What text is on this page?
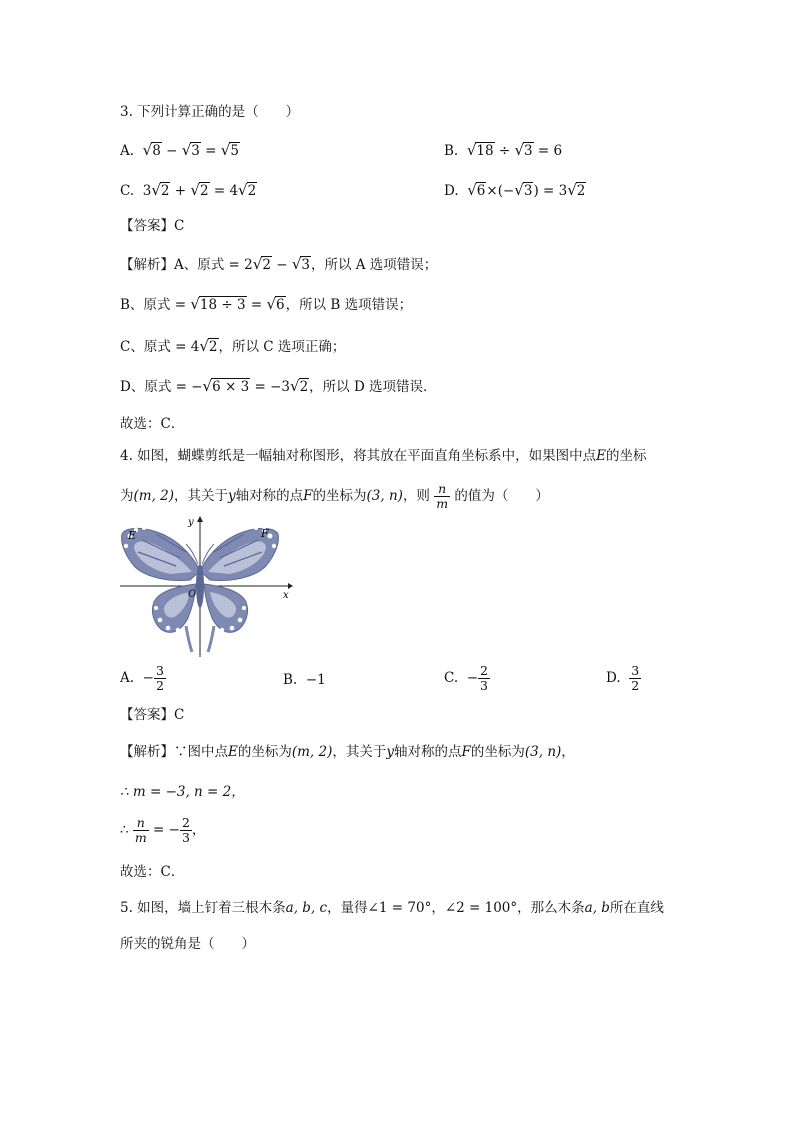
3. 下列计算正确的是（　　）
A. √8 − √3 = √5	B. √18 ÷ √3 = 6
C. 3√2 + √2 = 4√2	D. √6×(−√3) = 3√2
【答案】C
【解析】A、原式 = 2√2 − √3，所以 A 选项错误；
B、原式 = √18 ÷ 3 = √6，所以 B 选项错误；
C、原式 = 4√2，所以 C 选项正确；
D、原式 = −√6 × 3 = −3√2，所以 D 选项错误．
故选：C．
4. 如图，蝴蝶剪纸是一幅轴对称图形，将其放在平面直角坐标系中，如果图中点E的坐标
为(m, 2)，其关于y轴对称的点F的坐标为(3, n)，则 $\frac{n}{m}$ 的值为（　　）
E	F
y
x
O
A. − $\frac{3}{2}$	B. −1	C. − $\frac{2}{3}$	D. $\frac{3}{2}$
【答案】C
【解析】∵图中点E的坐标为(m, 2)，其关于y轴对称的点F的坐标为(3, n)，
∴ m = −3, n = 2，
∴ $\frac{n}{m}$ = − $\frac{2}{3}$ ，
故选：C．
5. 如图，墙上钉着三根木条a, b, c，量得∠1 = 70°，∠2 = 100°，那么木条a, b所在直线
所夹的锐角是（　　）
